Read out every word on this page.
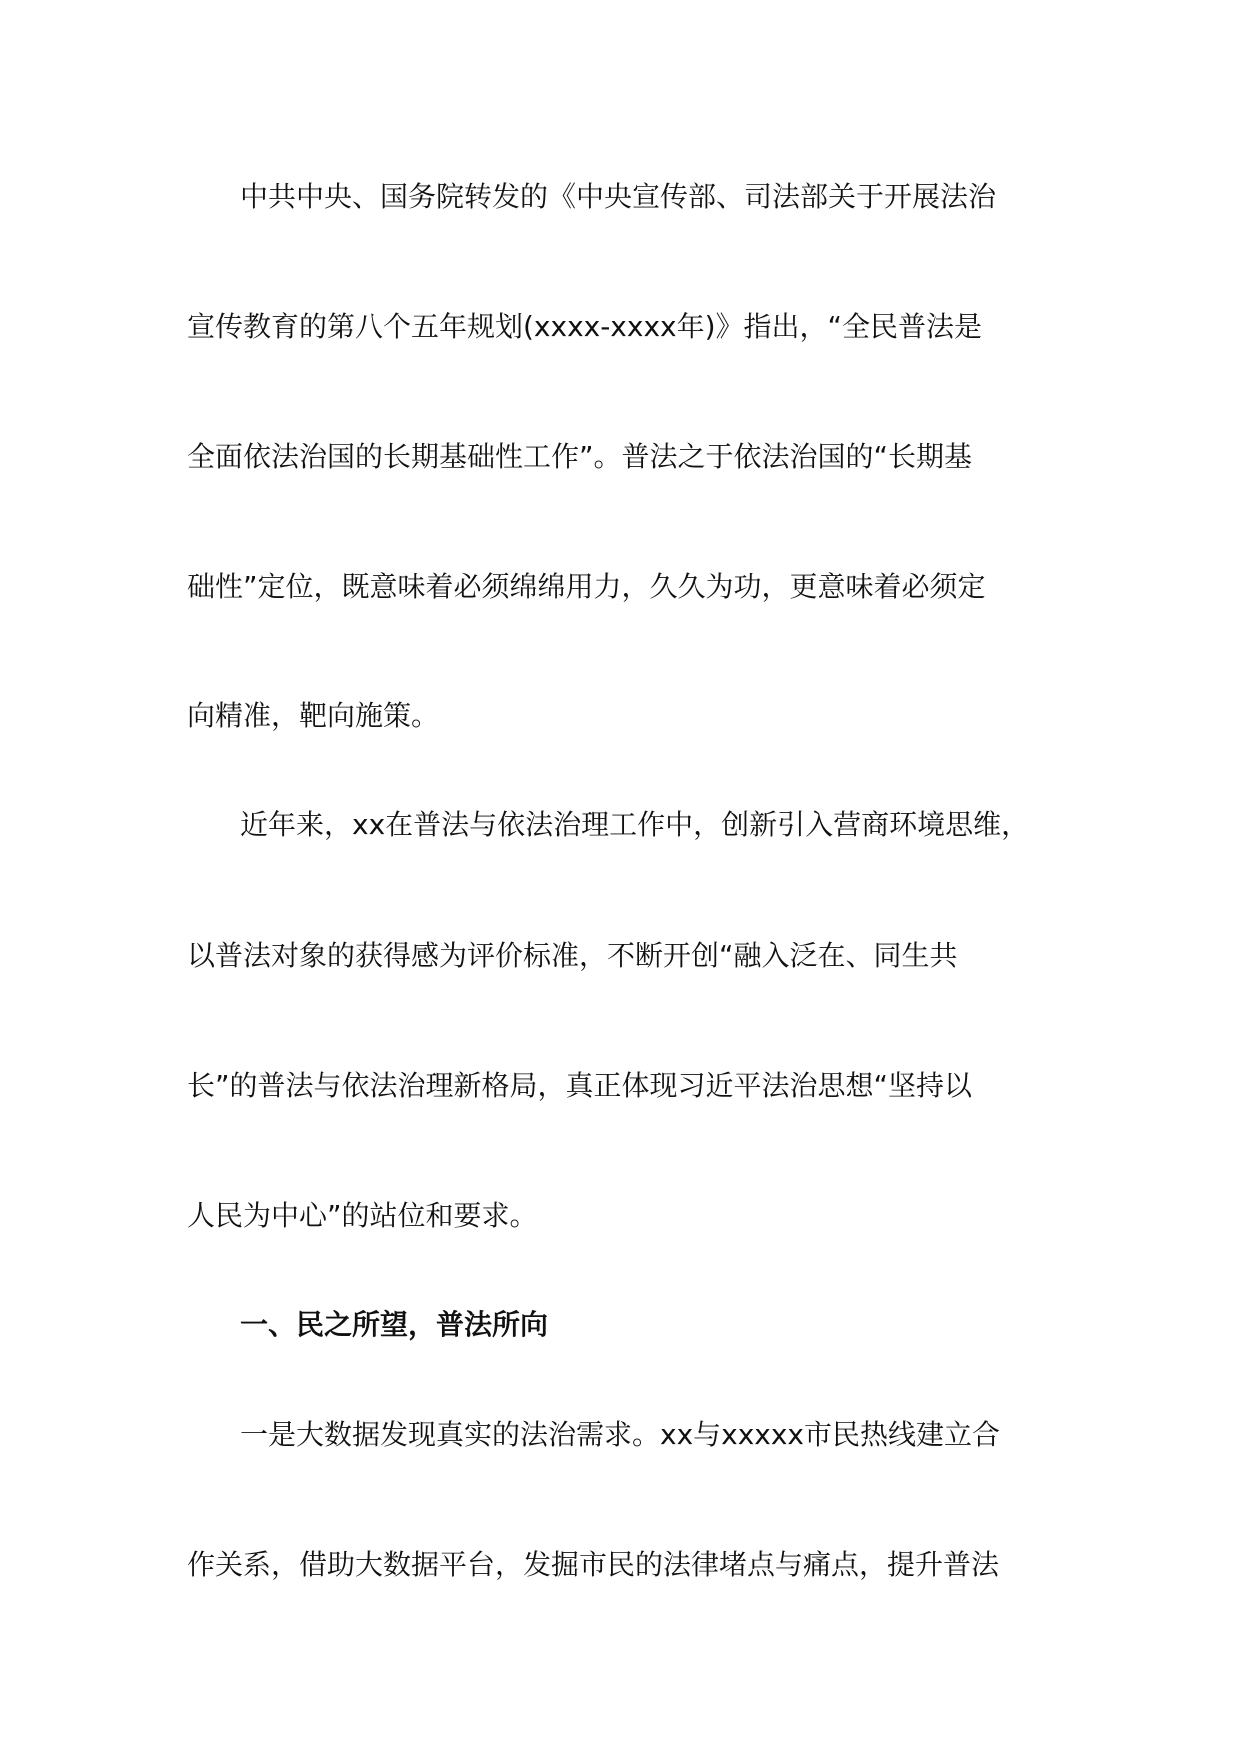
中共中央、国务院转发的《中央宣传部、司法部关于开展法治
宣传教育的第八个五年规划(xxxx-xxxx年)》指出，“全民普法是
全面依法治国的长期基础性工作”。普法之于依法治国的“长期基
础性”定位，既意味着必须绵绵用力，久久为功，更意味着必须定
向精准，靶向施策。
近年来，xx在普法与依法治理工作中，创新引入营商环境思维，
以普法对象的获得感为评价标准，不断开创“融入泛在、同生共
长”的普法与依法治理新格局，真正体现习近平法治思想“坚持以
人民为中心”的站位和要求。
一、民之所望，普法所向
一是大数据发现真实的法治需求。xx与xxxxx市民热线建立合
作关系，借助大数据平台，发掘市民的法律堵点与痛点，提升普法
